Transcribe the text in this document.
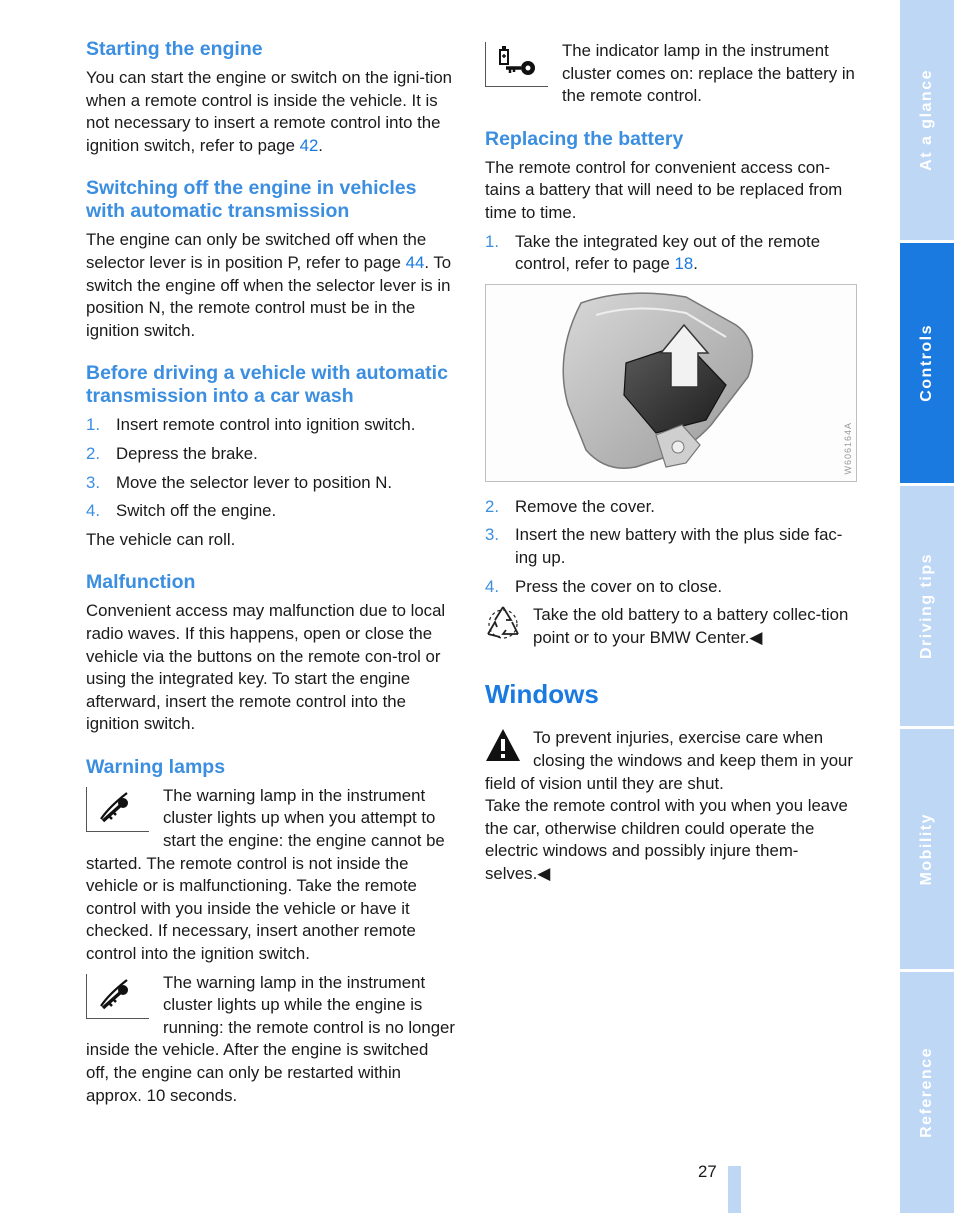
Starting the engine

You can start the engine or switch on the igni-tion when a remote control is inside the vehicle. It is not necessary to insert a remote control into the ignition switch, refer to page 42.

Switching off the engine in vehicles with automatic transmission

The engine can only be switched off when the selector lever is in position P, refer to page 44. To switch the engine off when the selector lever is in position N, the remote control must be in the ignition switch.

Before driving a vehicle with automatic transmission into a car wash
1. Insert remote control into ignition switch.
2. Depress the brake.
3. Move the selector lever to position N.
4. Switch off the engine.

The vehicle can roll.

Malfunction

Convenient access may malfunction due to local radio waves. If this happens, open or close the vehicle via the buttons on the remote con-trol or using the integrated key. To start the engine afterward, insert the remote control into the ignition switch.

Warning lamps

The warning lamp in the instrument cluster lights up when you attempt to start the engine: the engine cannot be started. The remote control is not inside the vehicle or is malfunctioning. Take the remote control with you inside the vehicle or have it checked. If necessary, insert another remote control into the ignition switch.

The warning lamp in the instrument cluster lights up while the engine is running: the remote control is no longer inside the vehicle. After the engine is switched off, the engine can only be restarted within approx. 10 seconds.

The indicator lamp in the instrument cluster comes on: replace the battery in the remote control.

Replacing the battery

The remote control for convenient access con-tains a battery that will need to be replaced from time to time.

1. Take the integrated key out of the remote control, refer to page 18.
W606164A
2. Remove the cover.
3. Insert the new battery with the plus side fac-ing up.
4. Press the cover on to close.

Take the old battery to a battery collec-tion point or to your BMW Center.◀

Windows

To prevent injuries, exercise care when closing the windows and keep them in your field of vision until they are shut.

Take the remote control with you when you leave the car, otherwise children could operate the electric windows and possibly injure them-selves.◀

27
At a glance
Controls
Driving tips
Mobility
Reference
